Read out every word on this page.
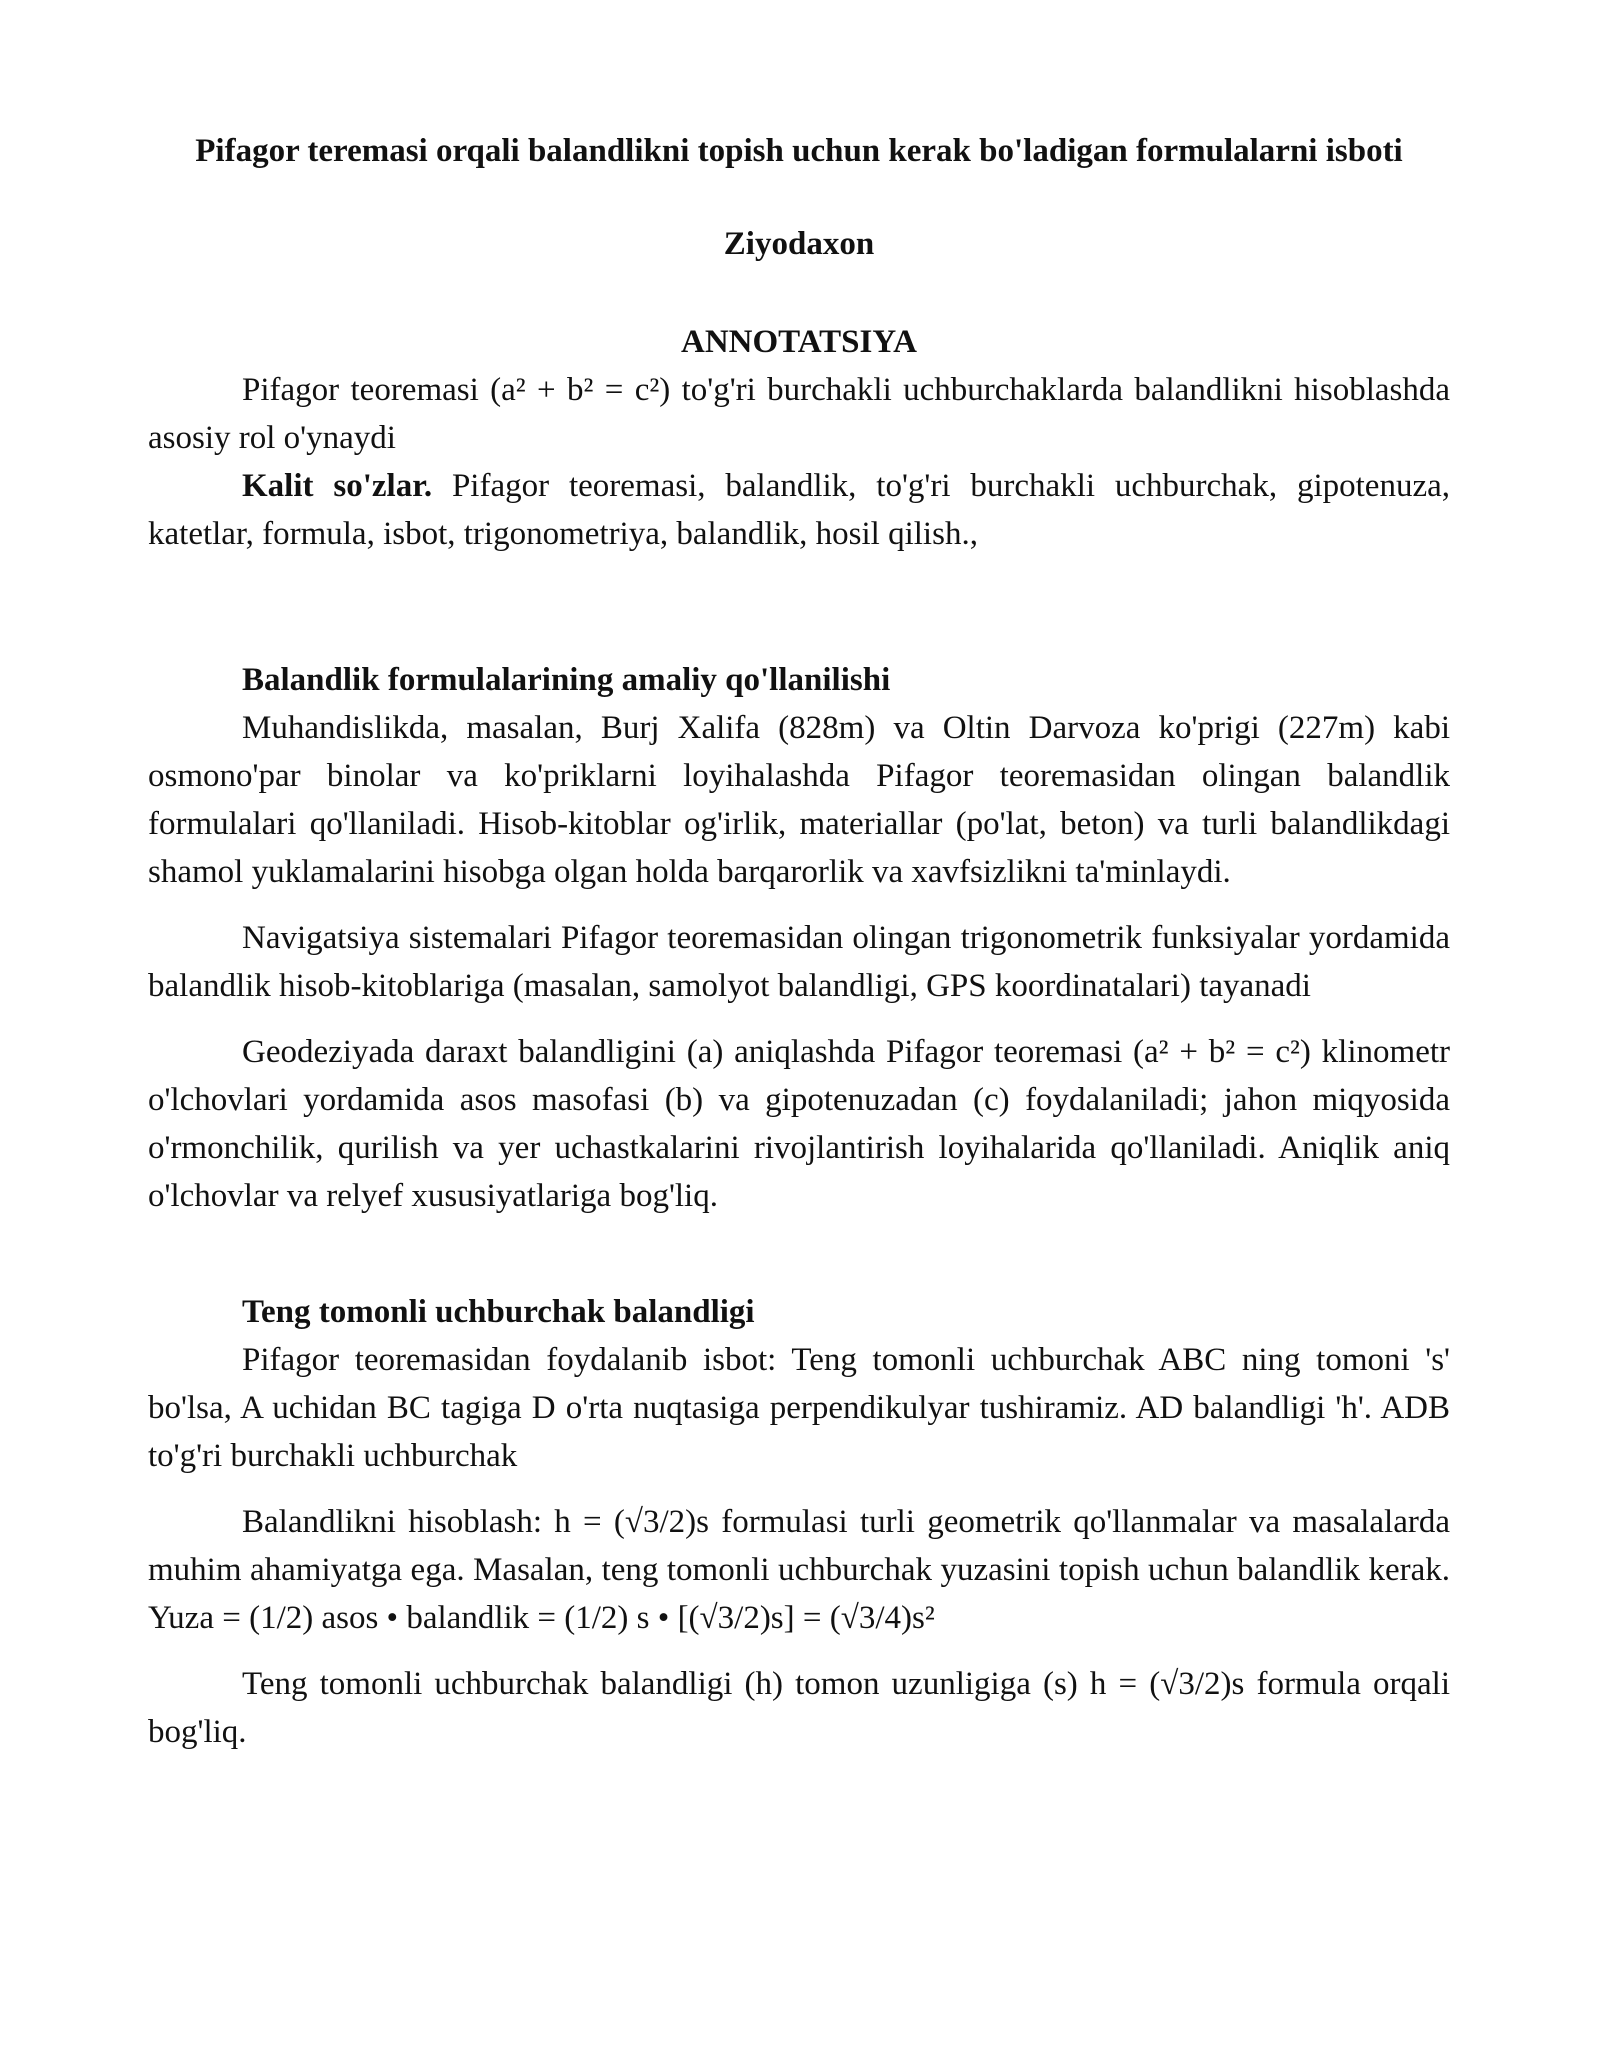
Pifagor teremasi orqali balandlikni topish uchun kerak bo'ladigan formulalarni isboti
Ziyodaxon
ANNOTATSIYA

Pifagor teoremasi (a² + b² = c²) to'g'ri burchakli uchburchaklarda balandlikni hisoblashda asosiy rol o'ynaydi

Kalit so'zlar. Pifagor teoremasi, balandlik, to'g'ri burchakli uchburchak, gipotenuza, katetlar, formula, isbot, trigonometriya, balandlik, hosil qilish.,

Balandlik formulalarining amaliy qo'llanilishi

Muhandislikda, masalan, Burj Xalifa (828m) va Oltin Darvoza ko'prigi (227m) kabi osmono'par binolar va ko'priklarni loyihalashda Pifagor teoremasidan olingan balandlik formulalari qo'llaniladi. Hisob-kitoblar og'irlik, materiallar (po'lat, beton) va turli balandlikdagi shamol yuklamalarini hisobga olgan holda barqarorlik va xavfsizlikni ta'minlaydi.

Navigatsiya sistemalari Pifagor teoremasidan olingan trigonometrik funksiyalar yordamida balandlik hisob-kitoblariga (masalan, samolyot balandligi, GPS koordinatalari) tayanadi

Geodeziyada daraxt balandligini (a) aniqlashda Pifagor teoremasi (a² + b² = c²) klinometr o'lchovlari yordamida asos masofasi (b) va gipotenuzadan (c) foydalaniladi; jahon miqyosida o'rmonchilik, qurilish va yer uchastkalarini rivojlantirish loyihalarida qo'llaniladi. Aniqlik aniq o'lchovlar va relyef xususiyatlariga bog'liq.

Teng tomonli uchburchak balandligi

Pifagor teoremasidan foydalanib isbot: Teng tomonli uchburchak ABC ning tomoni 's' bo'lsa, A uchidan BC tagiga D o'rta nuqtasiga perpendikulyar tushiramiz. AD balandligi 'h'. ADB to'g'ri burchakli uchburchak

Balandlikni hisoblash: h = (√3/2)s formulasi turli geometrik qo'llanmalar va masalalarda muhim ahamiyatga ega. Masalan, teng tomonli uchburchak yuzasini topish uchun balandlik kerak. Yuza = (1/2) asos • balandlik = (1/2) s • [(√3/2)s] = (√3/4)s²

Teng tomonli uchburchak balandligi (h) tomon uzunligiga (s) h = (√3/2)s formula orqali bog'liq.
